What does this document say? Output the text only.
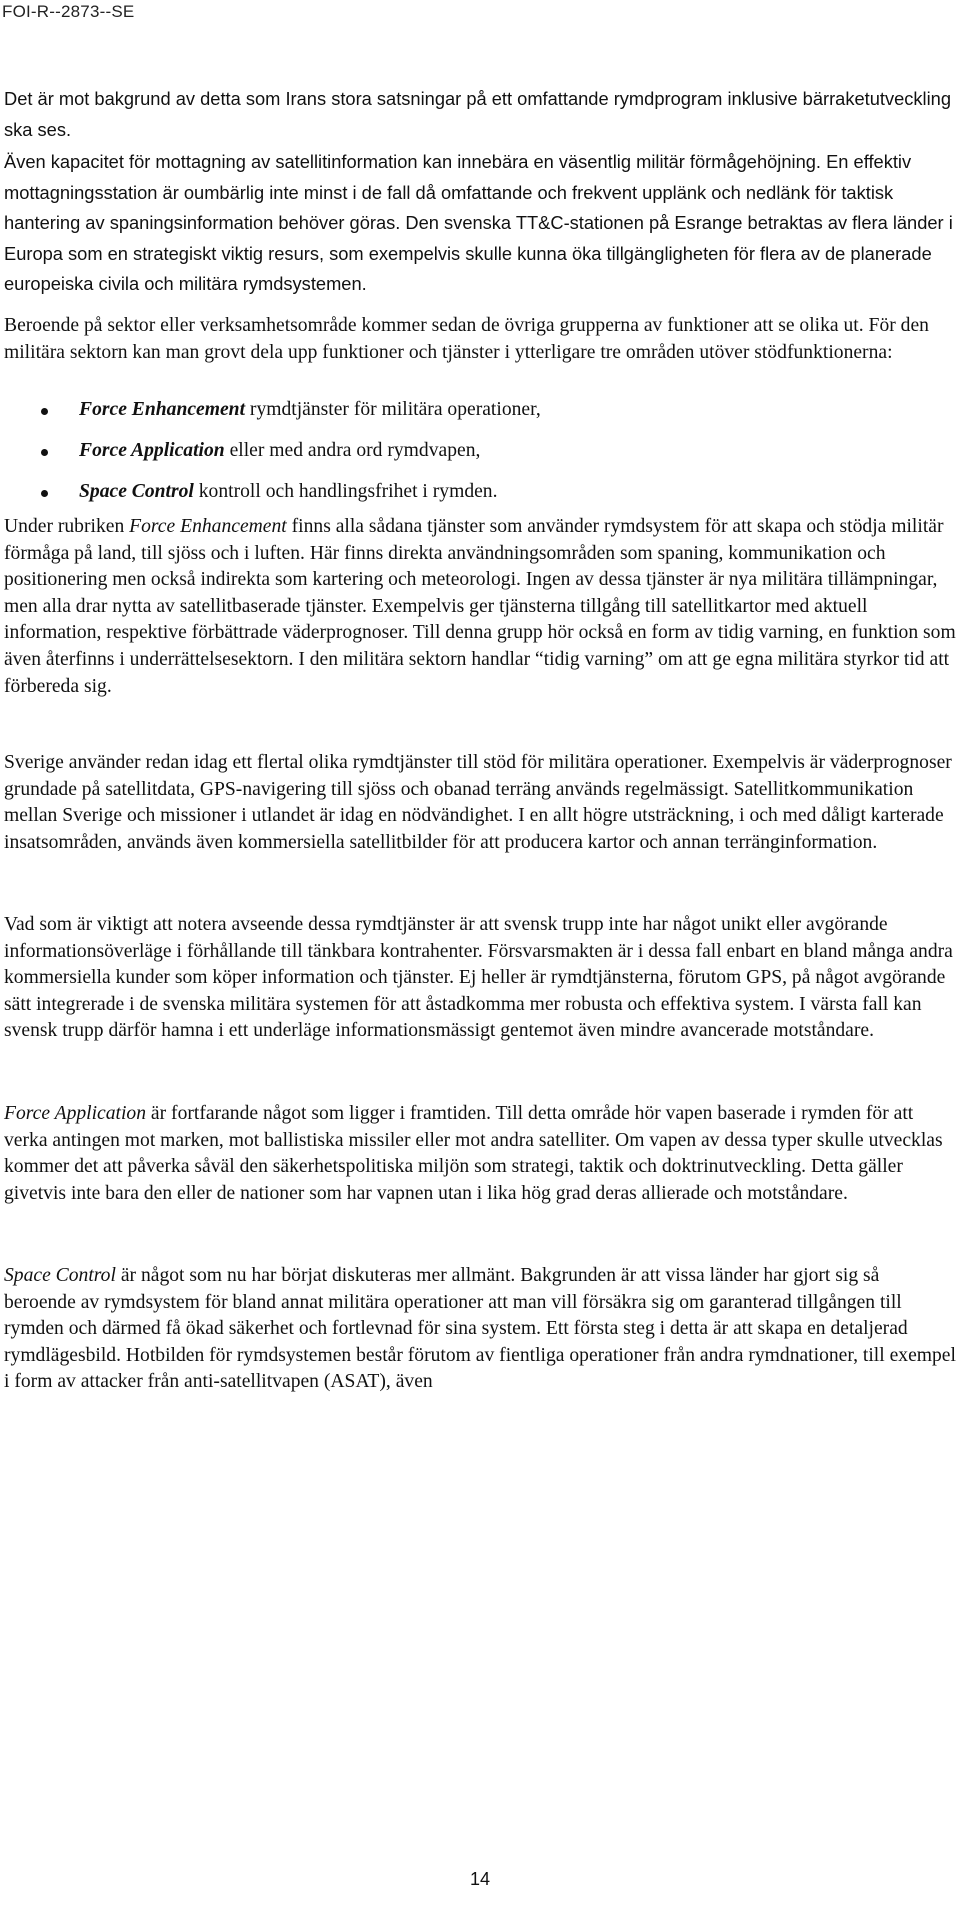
FOI-R--2873--SE
Det är mot bakgrund av detta som Irans stora satsningar på ett omfattande rymdprogram inklusive bärraketutveckling ska ses.
Även kapacitet för mottagning av satellitinformation kan innebära en väsentlig militär förmågehöjning. En effektiv mottagningsstation är oumbärlig inte minst i de fall då omfattande och frekvent upplänk och nedlänk för taktisk hantering av spaningsinformation behöver göras. Den svenska TT&C-stationen på Esrange betraktas av flera länder i Europa som en strategiskt viktig resurs, som exempelvis skulle kunna öka tillgängligheten för flera av de planerade europeiska civila och militära rymdsystemen.
Beroende på sektor eller verksamhetsområde kommer sedan de övriga grupperna av funktioner att se olika ut. För den militära sektorn kan man grovt dela upp funktioner och tjänster i ytterligare tre områden utöver stödfunktionerna:
Force Enhancement rymdtjänster för militära operationer,
Force Application eller med andra ord rymdvapen,
Space Control kontroll och handlingsfrihet i rymden.

Under rubriken Force Enhancement finns alla sådana tjänster som använder rymdsystem för att skapa och stödja militär förmåga på land, till sjöss och i luften. Här finns direkta användningsområden som spaning, kommunikation och positionering men också indirekta som kartering och meteorologi. Ingen av dessa tjänster är nya militära tillämpningar, men alla drar nytta av satellitbaserade tjänster. Exempelvis ger tjänsterna tillgång till satellitkartor med aktuell information, respektive förbättrade väderprognoser. Till denna grupp hör också en form av tidig varning, en funktion som även återfinns i underrättelsesektorn. I den militära sektorn handlar “tidig varning” om att ge egna militära styrkor tid att förbereda sig.

Sverige använder redan idag ett flertal olika rymdtjänster till stöd för militära operationer. Exempelvis är väderprognoser grundade på satellitdata, GPS-navigering till sjöss och obanad terräng används regelmässigt. Satellitkommunikation mellan Sverige och missioner i utlandet är idag en nödvändighet. I en allt högre utsträckning, i och med dåligt karterade insatsområden, används även kommersiella satellitbilder för att producera kartor och annan terränginformation.
Vad som är viktigt att notera avseende dessa rymdtjänster är att svensk trupp inte har något unikt eller avgörande informationsöverläge i förhållande till tänkbara kontrahenter. Försvarsmakten är i dessa fall enbart en bland många andra kommersiella kunder som köper information och tjänster. Ej heller är rymdtjänsterna, förutom GPS, på något avgörande sätt integrerade i de svenska militära systemen för att åstadkomma mer robusta och effektiva system. I värsta fall kan svensk trupp därför hamna i ett underläge informationsmässigt gentemot även mindre avancerade motståndare.

Force Application är fortfarande något som ligger i framtiden. Till detta område hör vapen baserade i rymden för att verka antingen mot marken, mot ballistiska missiler eller mot andra satelliter. Om vapen av dessa typer skulle utvecklas kommer det att påverka såväl den säkerhetspolitiska miljön som strategi, taktik och doktrinutveckling. Detta gäller givetvis inte bara den eller de nationer som har vapnen utan i lika hög grad deras allierade och motståndare.

Space Control är något som nu har börjat diskuteras mer allmänt. Bakgrunden är att vissa länder har gjort sig så beroende av rymdsystem för bland annat militära operationer att man vill försäkra sig om garanterad tillgången till rymden och därmed få ökad säkerhet och fortlevnad för sina system. Ett första steg i detta är att skapa en detaljerad rymdlägesbild. Hotbilden för rymdsystemen består förutom av fientliga operationer från andra rymdnationer, till exempel i form av attacker från anti-satellitvapen (ASAT), även

14
